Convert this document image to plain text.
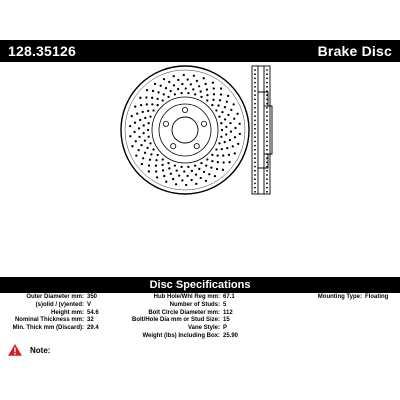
128.35126	Brake Disc
Disc Specifications
Outer Diameter mm: 350
(s)olid / (v)ented: V
Height mm: 54.6
Nominal Thickness mm: 32
Min. Thick mm (Discard): 29.4
Hub Hole/Whl Reg mm: 67.1
Number of Studs: 5
Bolt Circle Diameter mm: 112
Bolt/Hole Dia mm or Stud Size: 15
Vane Style: P
Weight (lbs) Including Box: 25.90
Mounting Type: Floating
Note:
